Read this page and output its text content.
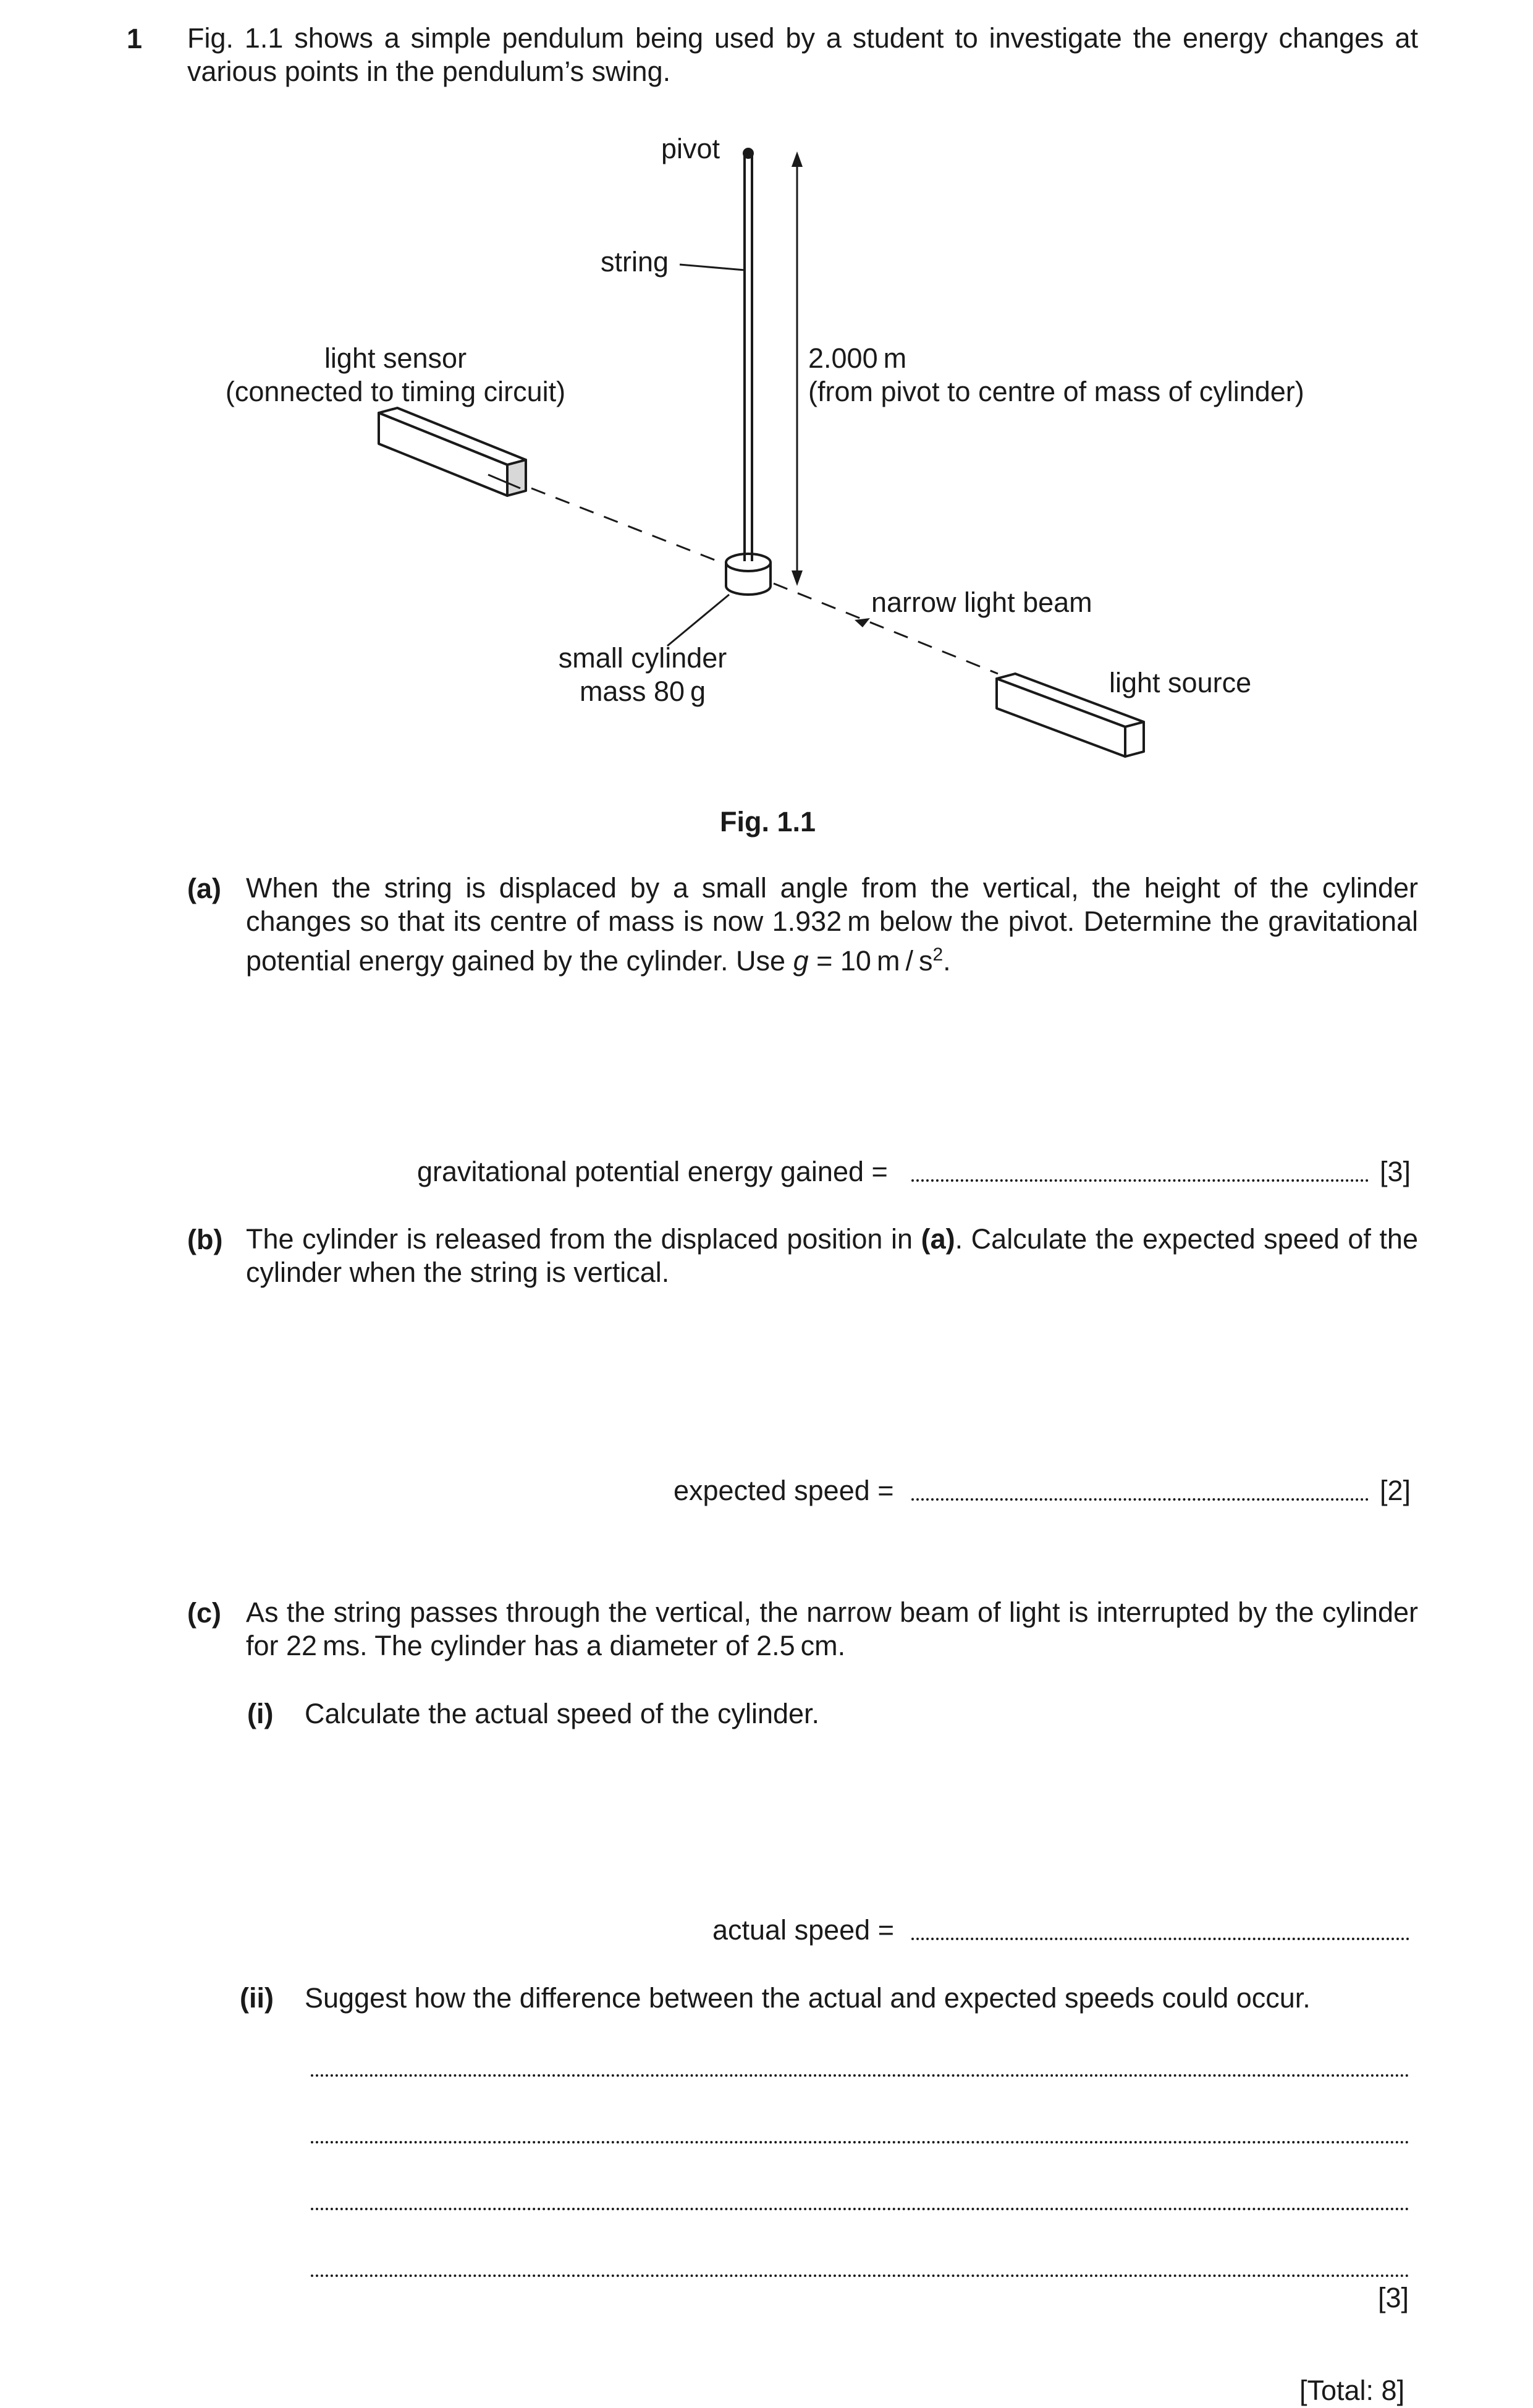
1 Fig. 1.1 shows a simple pendulum being used by a student to investigate the energy changes at various points in the pendulum’s swing.
pivot
string
light sensor
(connected to timing circuit)
2.000 m
(from pivot to centre of mass of cylinder)
narrow light beam
small cylinder
mass 80 g	light source
Fig. 1.1
(a) When the string is displaced by a small angle from the vertical, the height of the cylinder changes so that its centre of mass is now 1.932 m below the pivot. Determine the gravitational potential energy gained by the cylinder. Use g = 10 m / $s^2$.
gravitational potential energy gained =	[3]
(b) The cylinder is released from the displaced position in (a). Calculate the expected speed of the cylinder when the string is vertical.
expected speed =	[2]
(c) As the string passes through the vertical, the narrow beam of light is interrupted by the cylinder for 22 ms. The cylinder has a diameter of 2.5 cm.
(i) Calculate the actual speed of the cylinder.
actual speed =
(ii) Suggest how the difference between the actual and expected speeds could occur.
[3]
[Total: 8]
